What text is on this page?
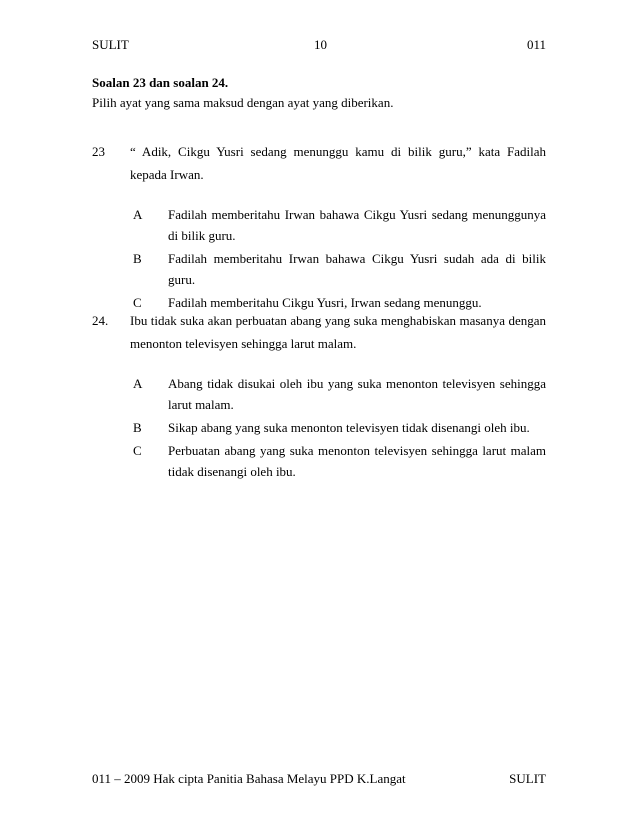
SULIT	10	011
Soalan 23 dan soalan 24.
Pilih ayat yang sama maksud dengan ayat yang diberikan.
23 “ Adik, Cikgu Yusri sedang menunggu kamu di bilik guru,” kata Fadilah kepada Irwan.
A Fadilah memberitahu Irwan bahawa Cikgu Yusri sedang menunggunya di bilik guru.
B Fadilah memberitahu Irwan bahawa Cikgu Yusri sudah ada di bilik guru.
C Fadilah memberitahu Cikgu Yusri, Irwan sedang menunggu.
24. Ibu tidak suka akan perbuatan abang yang suka menghabiskan masanya dengan menonton televisyen sehingga larut malam.
A Abang tidak disukai oleh ibu yang suka menonton televisyen sehingga larut malam.
B Sikap abang yang suka menonton televisyen tidak disenangi oleh ibu.
C Perbuatan abang yang suka menonton televisyen sehingga larut malam tidak disenangi oleh ibu.
011 – 2009 Hak cipta Panitia Bahasa Melayu PPD K.Langat	SULIT
